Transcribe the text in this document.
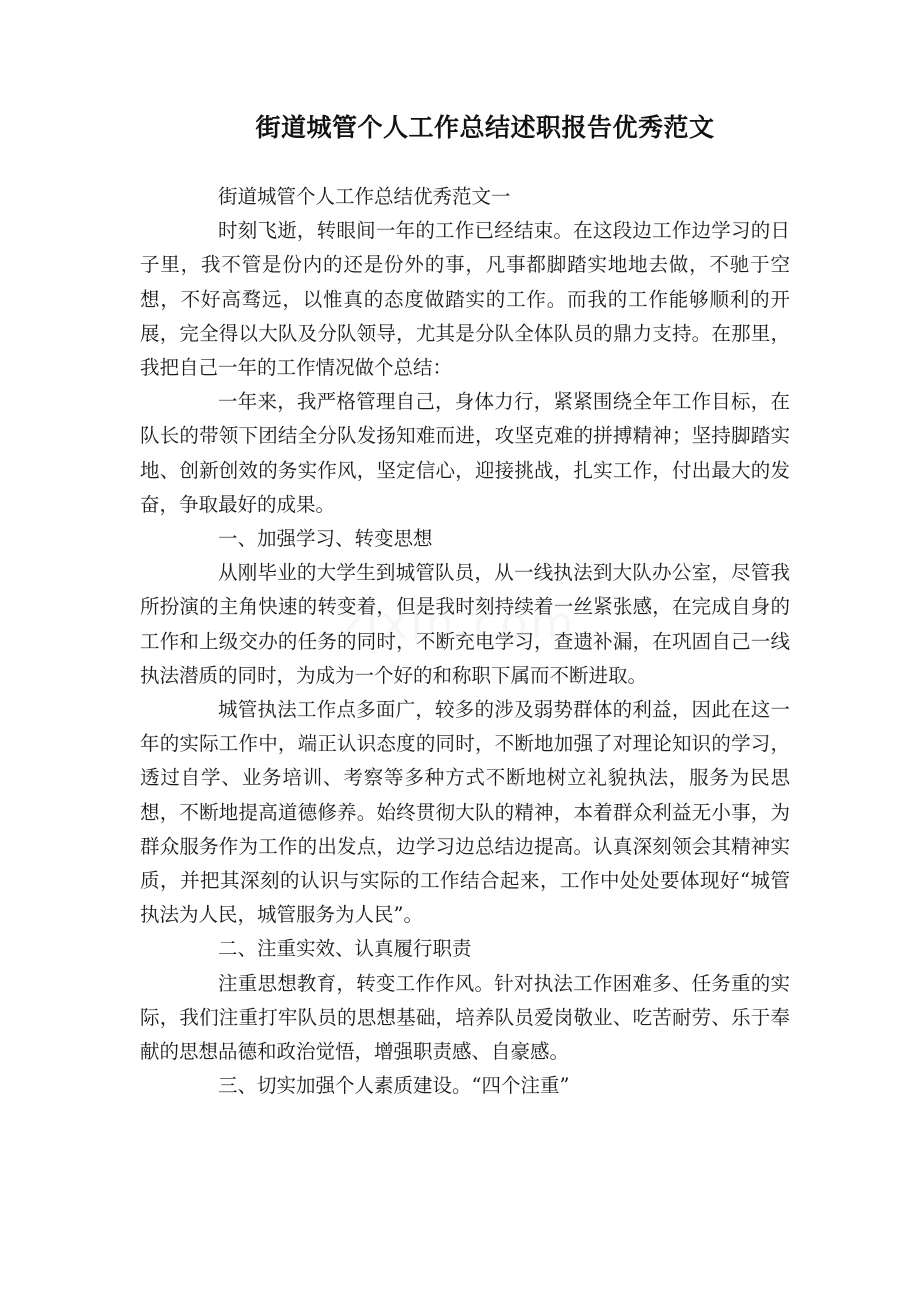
街道城管个人工作总结述职报告优秀范文

街道城管个人工作总结优秀范文一

时刻飞逝，转眼间一年的工作已经结束。在这段边工作边学习的日子里，我不管是份内的还是份外的事，凡事都脚踏实地地去做，不驰于空想，不好高骛远，以惟真的态度做踏实的工作。而我的工作能够顺利的开展，完全得以大队及分队领导，尤其是分队全体队员的鼎力支持。在那里，我把自己一年的工作情况做个总结：

一年来，我严格管理自己，身体力行，紧紧围绕全年工作目标，在队长的带领下团结全分队发扬知难而进，攻坚克难的拼搏精神；坚持脚踏实地、创新创效的务实作风，坚定信心，迎接挑战，扎实工作，付出最大的发奋，争取最好的成果。

一、加强学习、转变思想

从刚毕业的大学生到城管队员，从一线执法到大队办公室，尽管我所扮演的主角快速的转变着，但是我时刻持续着一丝紧张感，在完成自身的工作和上级交办的任务的同时，不断充电学习，查遗补漏，在巩固自己一线执法潜质的同时，为成为一个好的和称职下属而不断进取。

城管执法工作点多面广，较多的涉及弱势群体的利益，因此在这一年的实际工作中，端正认识态度的同时，不断地加强了对理论知识的学习，透过自学、业务培训、考察等多种方式不断地树立礼貌执法，服务为民思想，不断地提高道德修养。始终贯彻大队的精神，本着群众利益无小事，为群众服务作为工作的出发点，边学习边总结边提高。认真深刻领会其精神实质，并把其深刻的认识与实际的工作结合起来，工作中处处要体现好“城管执法为人民，城管服务为人民”。

二、注重实效、认真履行职责

注重思想教育，转变工作作风。针对执法工作困难多、任务重的实际，我们注重打牢队员的思想基础，培养队员爱岗敬业、吃苦耐劳、乐于奉献的思想品德和政治觉悟，增强职责感、自豪感。

三、切实加强个人素质建设。“四个注重”
